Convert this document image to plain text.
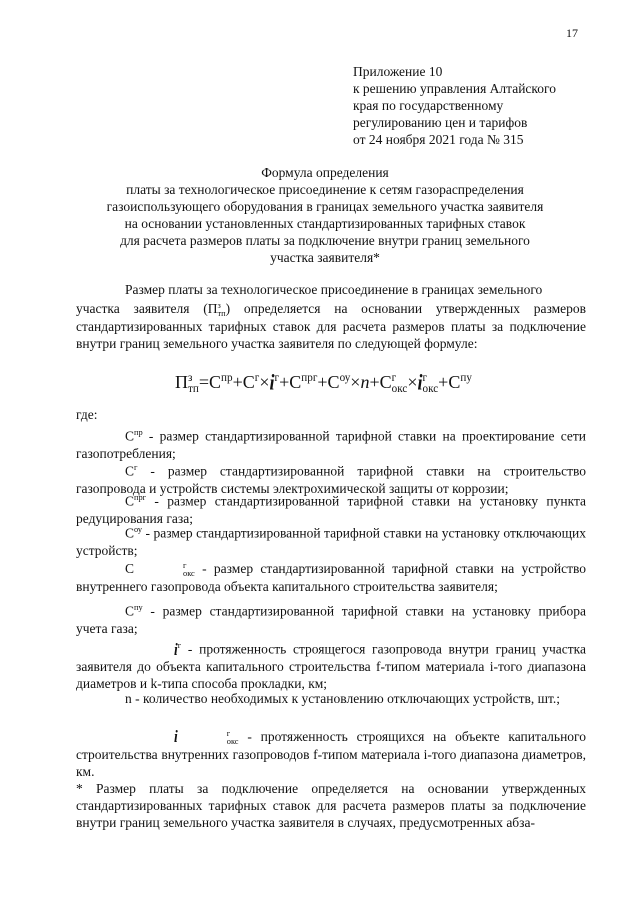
17
Приложение 10
к решению управления Алтайского
края по государственному
регулированию цен и тарифов
от 24 ноября 2021 года № 315
Формула определения
платы за технологическое присоединение к сетям газораспределения
газоиспользующего оборудования в границах земельного участка заявителя
на основании установленных стандартизированных тарифных ставок
для расчета размеров платы за подключение внутри границ земельного
участка заявителя*
Размер платы за технологическое присоединение в границах земельного
участка заявителя (П з
тп ) определяется на основании утвержденных размеров стандартизированных тарифных ставок для расчета размеров платы за подключение внутри границ земельного участка заявителя по следующей формуле:
П з
тп $=С^{пр}+С^г\times i^г+С^{прг}+С^{оу}\times n+С$ г
окс ×i г
окс $+С^{пу}$
где:
$С^{пр}$ - размер стандартизированной тарифной ставки на проектирование сети газопотребления;
$С^г$ - размер стандартизированной тарифной ставки на строительство газопровода и устройств системы электрохимической защиты от коррозии;
$С^{прг}$ - размер стандартизированной тарифной ставки на установку пункта редуцирования газа;
$С^{оу}$ - размер стандартизированной тарифной ставки на установку отключающих устройств;
С	г
окс - размер стандартизированной тарифной ставки на устройство внутреннего газопровода объекта капитального строительства заявителя;
$С^{пу}$ - размер стандартизированной тарифной ставки на установку прибора учета газа;
$i^г$ - протяженность строящегося газопровода внутри границ участка заявителя до объекта капитального строительства f-типом материала i-того диапазона диаметров и k-типа способа прокладки, км;
n - количество необходимых к установлению отключающих устройств, шт.;
i	г
окс - протяженность строящихся на объекте капитального строительства внутренних газопроводов f-типом материала i-того диапазона диаметров, км.
* Размер платы за подключение определяется на основании утвержденных стандартизированных тарифных ставок для расчета размеров платы за подключение внутри границ земельного участка заявителя в случаях, предусмотренных абза-
